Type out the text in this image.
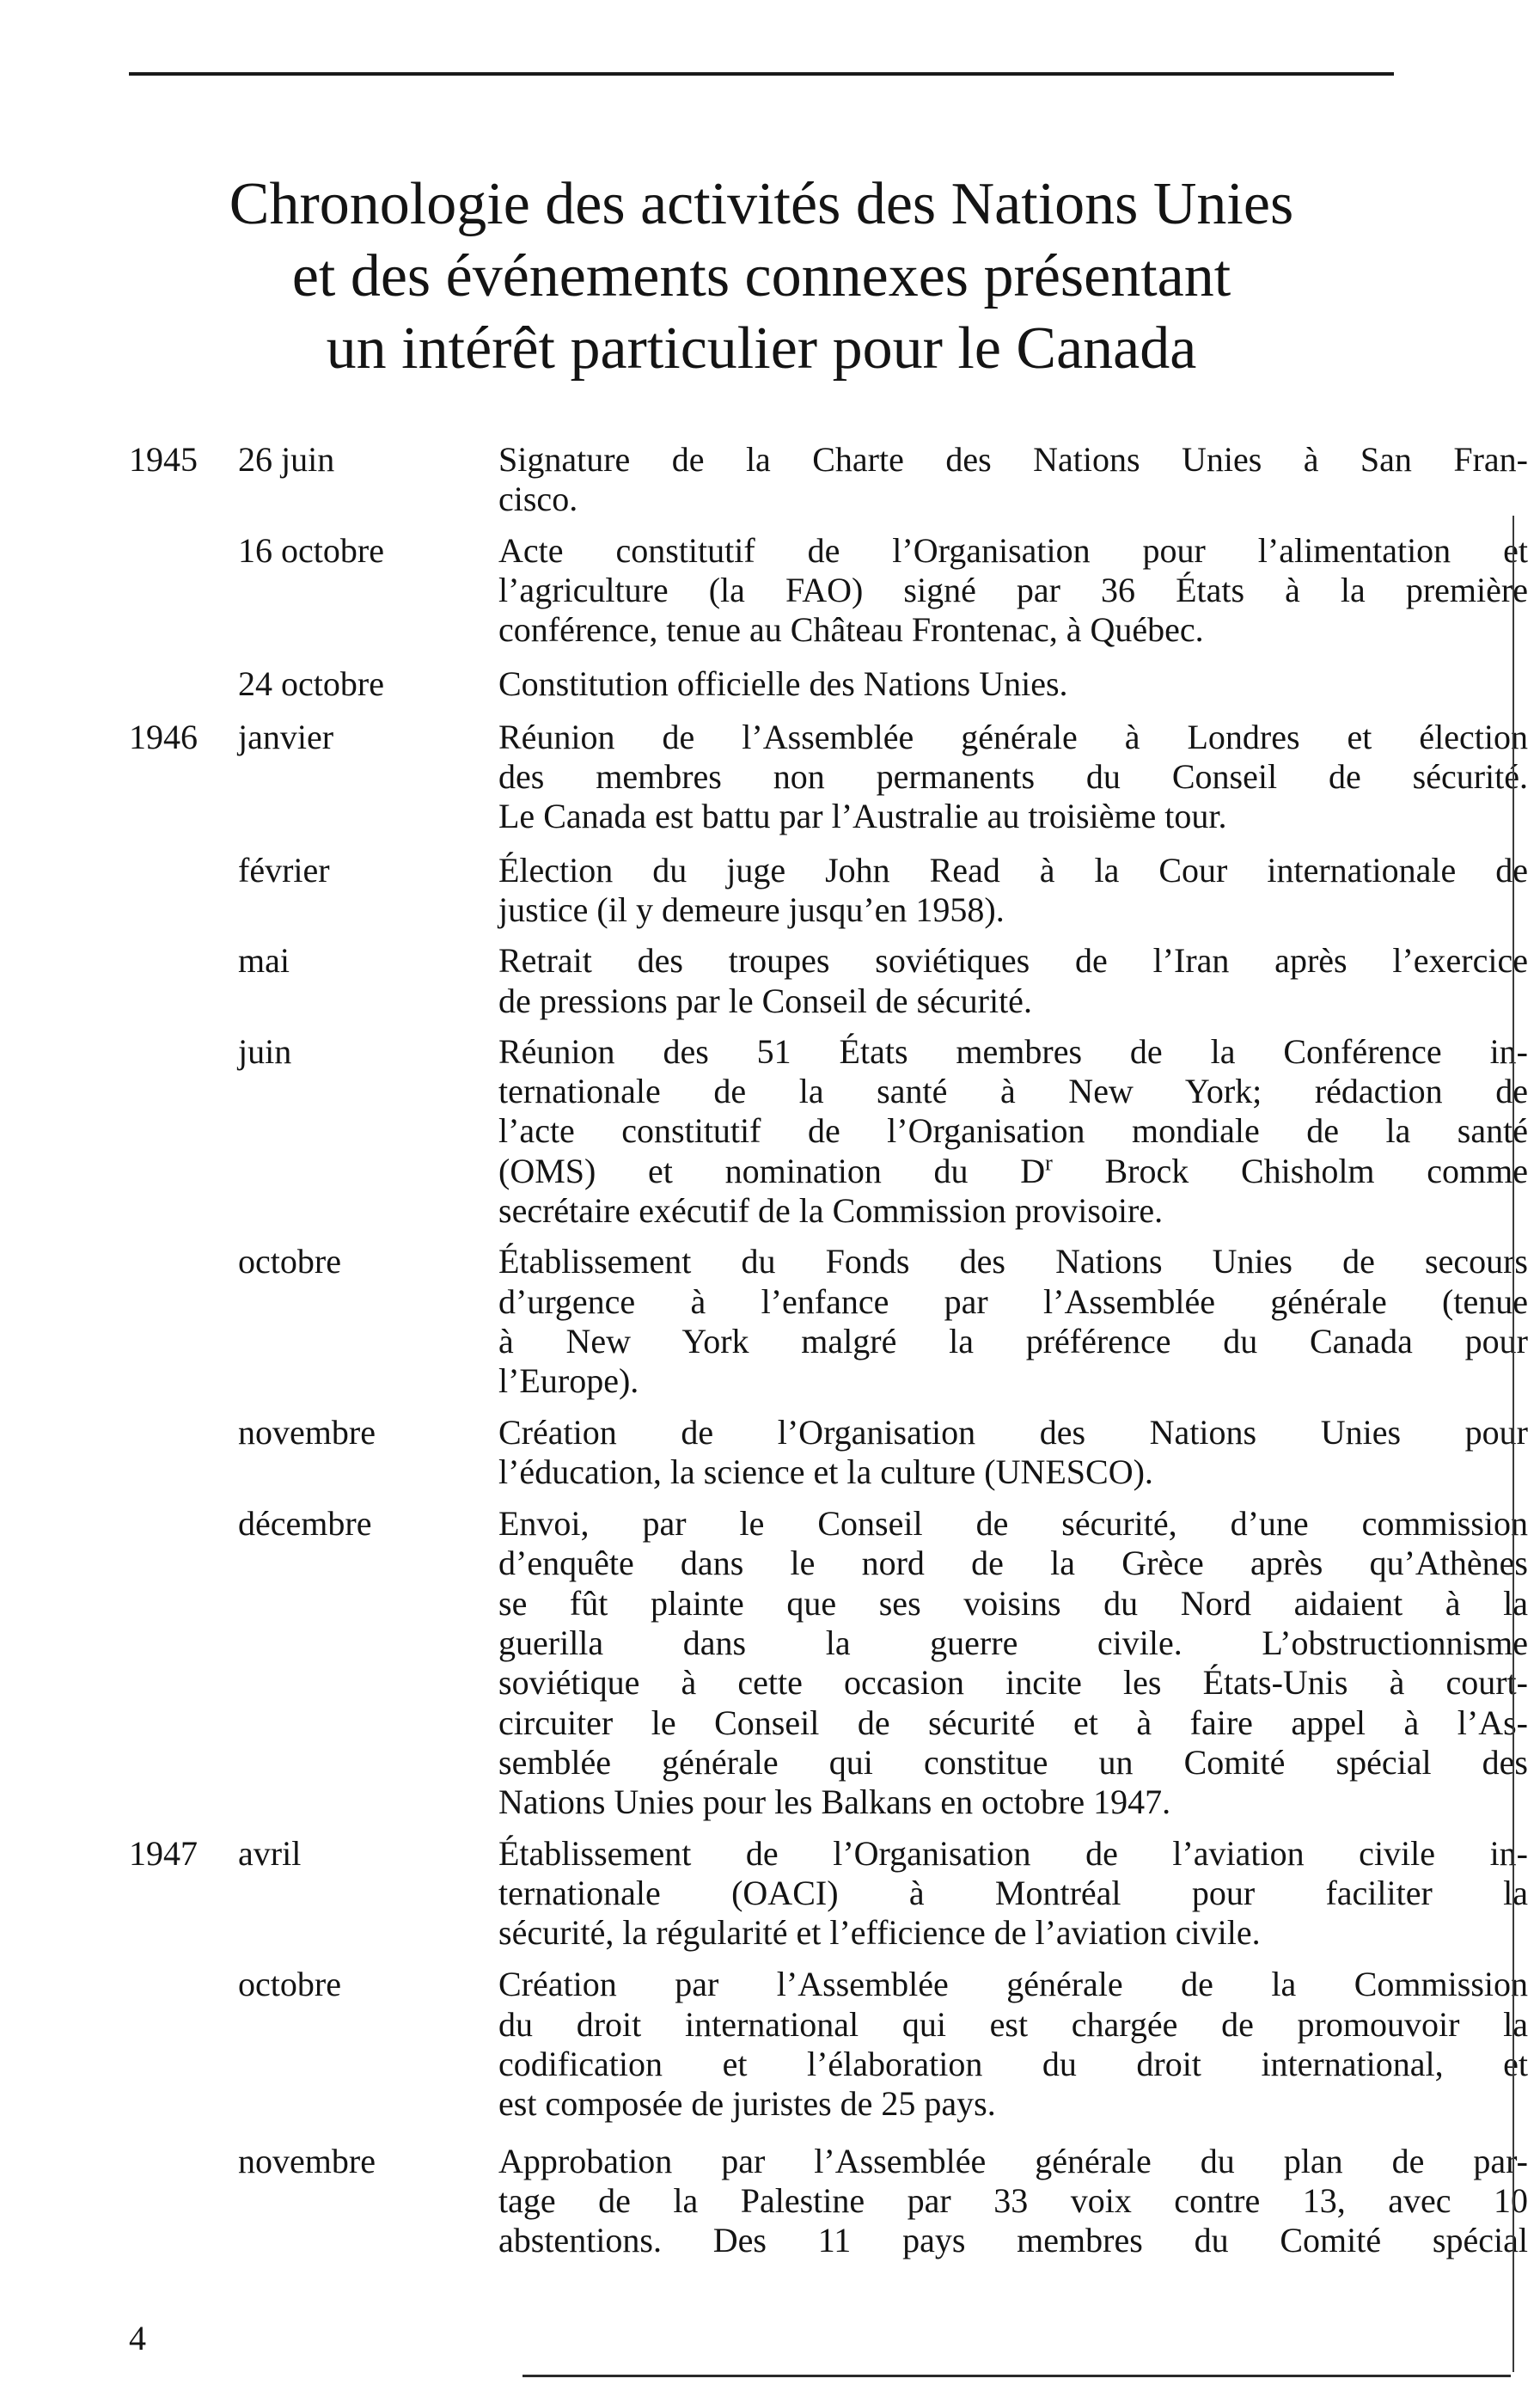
Chronologie des activités des Nations Unies
et des événements connexes présentant
un intérêt particulier pour le Canada
1945	26 juin	Signature de la Charte des Nations Unies à San Fran-
cisco.
16 octobre	Acte constitutif de l’Organisation pour l’alimentation et
l’agriculture (la FAO) signé par 36 États à la première
conférence, tenue au Château Frontenac, à Québec.
24 octobre	Constitution officielle des Nations Unies.
1946	janvier	Réunion de l’Assemblée générale à Londres et élection
des membres non permanents du Conseil de sécurité.
Le Canada est battu par l’Australie au troisième tour.
février	Élection du juge John Read à la Cour internationale de
justice (il y demeure jusqu’en 1958).
mai	Retrait des troupes soviétiques de l’Iran après l’exercice
de pressions par le Conseil de sécurité.
juin	Réunion des 51 États membres de la Conférence in-
ternationale de la santé à New York; rédaction de
l’acte constitutif de l’Organisation mondiale de la santé
(OMS) et nomination du $D^r$ Brock Chisholm comme
secrétaire exécutif de la Commission provisoire.
octobre	Établissement du Fonds des Nations Unies de secours
d’urgence à l’enfance par l’Assemblée générale (tenue
à New York malgré la préférence du Canada pour
l’Europe).
novembre	Création de l’Organisation des Nations Unies pour
l’éducation, la science et la culture (UNESCO).
décembre	Envoi, par le Conseil de sécurité, d’une commission
d’enquête dans le nord de la Grèce après qu’Athènes
se fût plainte que ses voisins du Nord aidaient à la
guerilla dans la guerre civile. L’obstructionnisme
soviétique à cette occasion incite les États-Unis à court-
circuiter le Conseil de sécurité et à faire appel à l’As-
semblée générale qui constitue un Comité spécial des
Nations Unies pour les Balkans en octobre 1947.
1947	avril	Établissement de l’Organisation de l’aviation civile in-
ternationale (OACI) à Montréal pour faciliter la
sécurité, la régularité et l’efficience de l’aviation civile.
octobre	Création par l’Assemblée générale de la Commission
du droit international qui est chargée de promouvoir la
codification et l’élaboration du droit international, et
est composée de juristes de 25 pays.
novembre	Approbation par l’Assemblée générale du plan de par-
tage de la Palestine par 33 voix contre 13, avec 10
abstentions. Des 11 pays membres du Comité spécial
4
